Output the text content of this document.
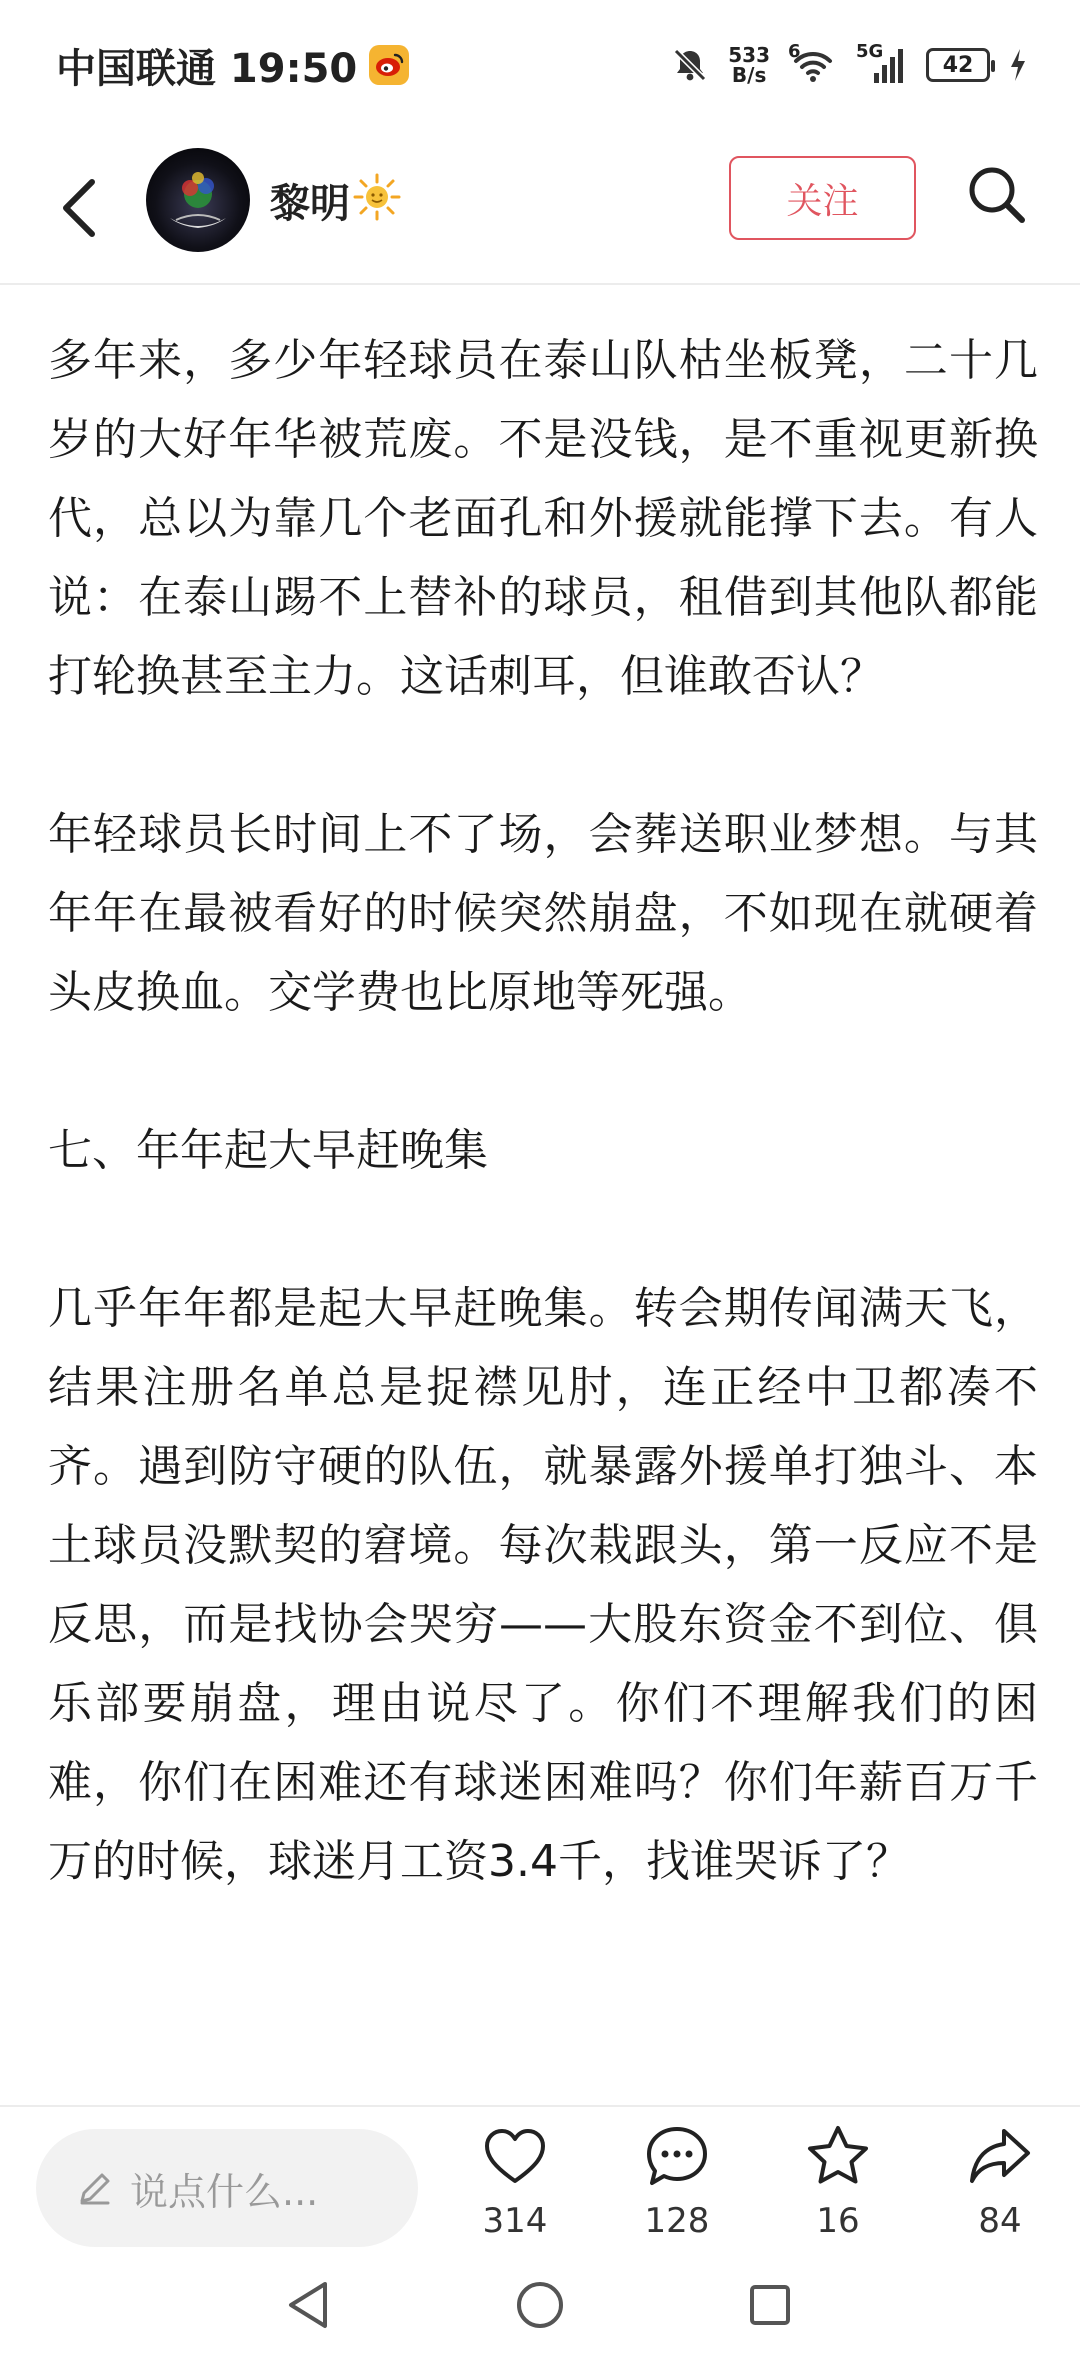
中国联通 19:50	533
B/s
6	5G
42
黎明	关注

多年来，多少年轻球员在泰山队枯坐板凳，二十几岁的大好年华被荒废。不是没钱，是不重视更新换代，总以为靠几个老面孔和外援就能撑下去。有人说：在泰山踢不上替补的球员，租借到其他队都能打轮换甚至主力。这话刺耳，但谁敢否认？

年轻球员长时间上不了场，会葬送职业梦想。与其年年在最被看好的时候突然崩盘，不如现在就硬着头皮换血。交学费也比原地等死强。

七、年年起大早赶晚集

几乎年年都是起大早赶晚集。转会期传闻满天飞，结果注册名单总是捉襟见肘，连正经中卫都凑不齐。遇到防守硬的队伍，就暴露外援单打独斗、本土球员没默契的窘境。每次栽跟头，第一反应不是反思，而是找协会哭穷——大股东资金不到位、俱乐部要崩盘，理由说尽了。你们不理解我们的困难，你们在困难还有球迷困难吗？你们年薪百万千万的时候，球迷月工资3.4千，找谁哭诉了？

说点什么...
314	128	16	84
